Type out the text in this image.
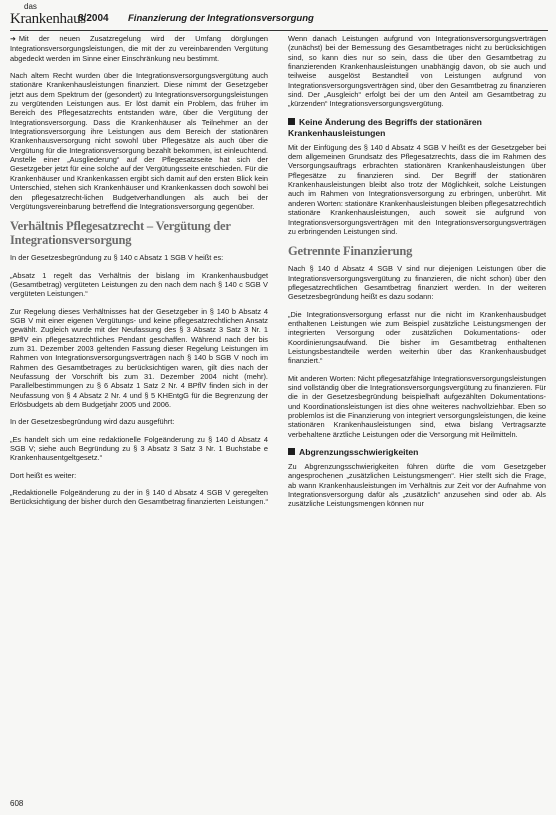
das
Krankenhaus
8/2004 Finanzierung der Integrationsversorgung

➜ Mit der neuen Zusatzregelung wird der Umfang dörglungen Integrationsversorgungsleistungen, die mit der zu vereinbarenden Vergütung abgedeckt werden im Sinne einer Einschränkung neu bestimmt.

Nach altem Recht wurden über die Integrationsversorgungsvergütung auch stationäre Krankenhausleistungen finanziert. Diese nimmt der Gesetzgeber jetzt aus dem Spektrum der (gesondert) zu Integrationsversorgungsleistungen zu vergütenden Leistungen aus. Er löst damit ein Problem, das früher im Bereich des Pflegesatzrechts entstanden wäre, über die Vergütung der Integrationsversorgung. Dass die Krankenhäuser als Teilnehmer an der Integrationsversorgung ihre Leistungen aus dem Bereich der stationären Krankenhausversorgung nicht sowohl über Pflegesätze als auch über die Vergütung für die Integrationsversorgung bezahlt bekommen, ist einleuchtend. Anstelle einer „Ausgliederung“ auf der Pflegesatzseite hat sich der Gesetzgeber jetzt für eine solche auf der Vergütungsseite entschieden. Für die Krankenhäuser und Krankenkassen ergibt sich damit auf den ersten Blick kein Unterschied, stehen sich Krankenhäuser und Krankenkassen doch sowohl bei den pflegesatzrecht-lichen Budgetverhandlungen als auch bei der Vergütungsvereinbarung betreffend die Integrationsversorgung gegenüber.

Verhältnis Pflegesatzrecht – Vergütung der Integrationsversorgung

In der Gesetzesbegründung zu § 140 c Absatz 1 SGB V heißt es:

„Absatz 1 regelt das Verhältnis der bislang im Krankenhausbudget (Gesamtbetrag) vergüteten Leistungen zu den nach dem nach § 140 c SGB V vergüteten Leistungen.“

Zur Regelung dieses Verhältnisses hat der Gesetzgeber in § 140 b Absatz 4 SGB V mit einer eigenen Vergütungs- und keine pflegesatzrechtlichen Ansatz gewählt. Zugleich wurde mit der Neufassung des § 3 Absatz 3 Satz 3 Nr. 1 BPflV ein pflegesatzrechtliches Pendant geschaffen. Während nach der bis zum 31. Dezember 2003 geltenden Fassung dieser Regelung Leistungen im Rahmen von Integrationsversorgungsverträgen nach § 140 b SGB V noch im Rahmen des Gesamtbetrages zu berücksichtigen waren, gilt dies nach der Neufassung der Vorschrift bis zum 31. Dezember 2004 nicht (mehr). Parallelbestimmungen zu § 6 Absatz 1 Satz 2 Nr. 4 BPflV finden sich in der Neufassung von § 4 Absatz 2 Nr. 4 und § 5 KHEntgG für die Begrenzung der Erlösbudgets ab dem Budgetjahr 2005 und 2006.

In der Gesetzesbegründung wird dazu ausgeführt:

„Es handelt sich um eine redaktionelle Folgeänderung zu § 140 d Absatz 4 SGB V; siehe auch Begründung zu § 3 Absatz 3 Satz 3 Nr. 1 Buchstabe e Krankenhausentgeltgesetz.“

Dort heißt es weiter:

„Redaktionelle Folgeänderung zu der in § 140 d Absatz 4 SGB V geregelten Berücksichtigung der bisher durch den Gesamtbetrag finanzierten Leistungen.“

Wenn danach Leistungen aufgrund von Integrationsversorgungsverträgen (zunächst) bei der Bemessung des Gesamtbetrages nicht zu berücksichtigen sind, so kann dies nur so sein, dass die über den Gesamtbetrag zu finanzierenden Krankenhausleistungen unabhängig davon, ob sie auch und teilweise ausgelöst Bestandteil von Leistungen aufgrund von Integrationsversorgungsverträgen sind, über den Gesamtbetrag zu finanzieren sind. Der „Ausgleich“ erfolgt bei der um den Anteil am Gesamtbetrag zu „kürzenden“ Integrationsversorgungsvergütung.

Keine Änderung des Begriffs der stationären Krankenhausleistungen

Mit der Einfügung des § 140 d Absatz 4 SGB V heißt es der Gesetzgeber bei dem allgemeinen Grundsatz des Pflegesatzrechts, dass die im Rahmen des Versorgungsauftrags erbrachten stationären Krankenhausleistungen über Pflegesätze zu finanzieren sind. Der Begriff der stationären Krankenhausleistungen bleibt also trotz der Möglichkeit, solche Leistungen auch im Rahmen von Integrationsversorgung zu erbringen, unberührt. Mit anderen Worten: stationäre Krankenhausleistungen bleiben pflegesatzrechtlich stationäre Krankenhausleistungen, auch soweit sie aufgrund von Integrationsversorgungsverträgen mit den Integrationsversorgungsverträgen zu erbringenden Leistungen sind.

Getrennte Finanzierung

Nach § 140 d Absatz 4 SGB V sind nur diejenigen Leistungen über die Integrationsversorgungsvergütung zu finanzieren, die nicht schon) über den pflegesatzrechtlichen Gesamtbetrag finanziert werden. In der weiteren Gesetzesbegründung heißt es dazu sodann:

„Die Integrationsversorgung erfasst nur die nicht im Krankenhausbudget enthaltenen Leistungen wie zum Beispiel zusätzliche Leistungsmengen der integrierten Versorgung oder zusätzlichen Dokumentations- oder Koordinierungsaufwand. Die bisher im Gesamtbetrag enthaltenen Leistungsbestandteile werden weiterhin über das Krankenhausbudget finanziert.“

Mit anderen Worten: Nicht pflegesatzfähige Integrationsversorgungsleistungen sind vollständig über die Integrationsversorgungsvergütung zu finanzieren. Für die in der Gesetzesbegründung beispielhaft aufgezählten Dokumentations- und Koordinationsleistungen ist dies ohne weiteres nachvollziehbar. Eben so problemlos ist die Finanzierung von integriert versorgungsleistungen, die keine stationären Krankenhausleistungen sind, etwa bislang Vertragsarzte verbehaltene ärztliche Leistungen oder die Versorgung mit Heilmitteln.

Abgrenzungsschwierigkeiten

Zu Abgrenzungsschwierigkeiten führen dürfte die vom Gesetzgeber angesprochenen „zusätzlichen Leistungsmengen“. Hier stellt sich die Frage, ab wann Krankenhausleistungen im Verhältnis zur Zeit vor der Aufnahme von Integrationsversorgung dafür als „zusätzlich“ anzusehen sind oder ab. Als zusätzliche Leistungsmengen können nur

608
